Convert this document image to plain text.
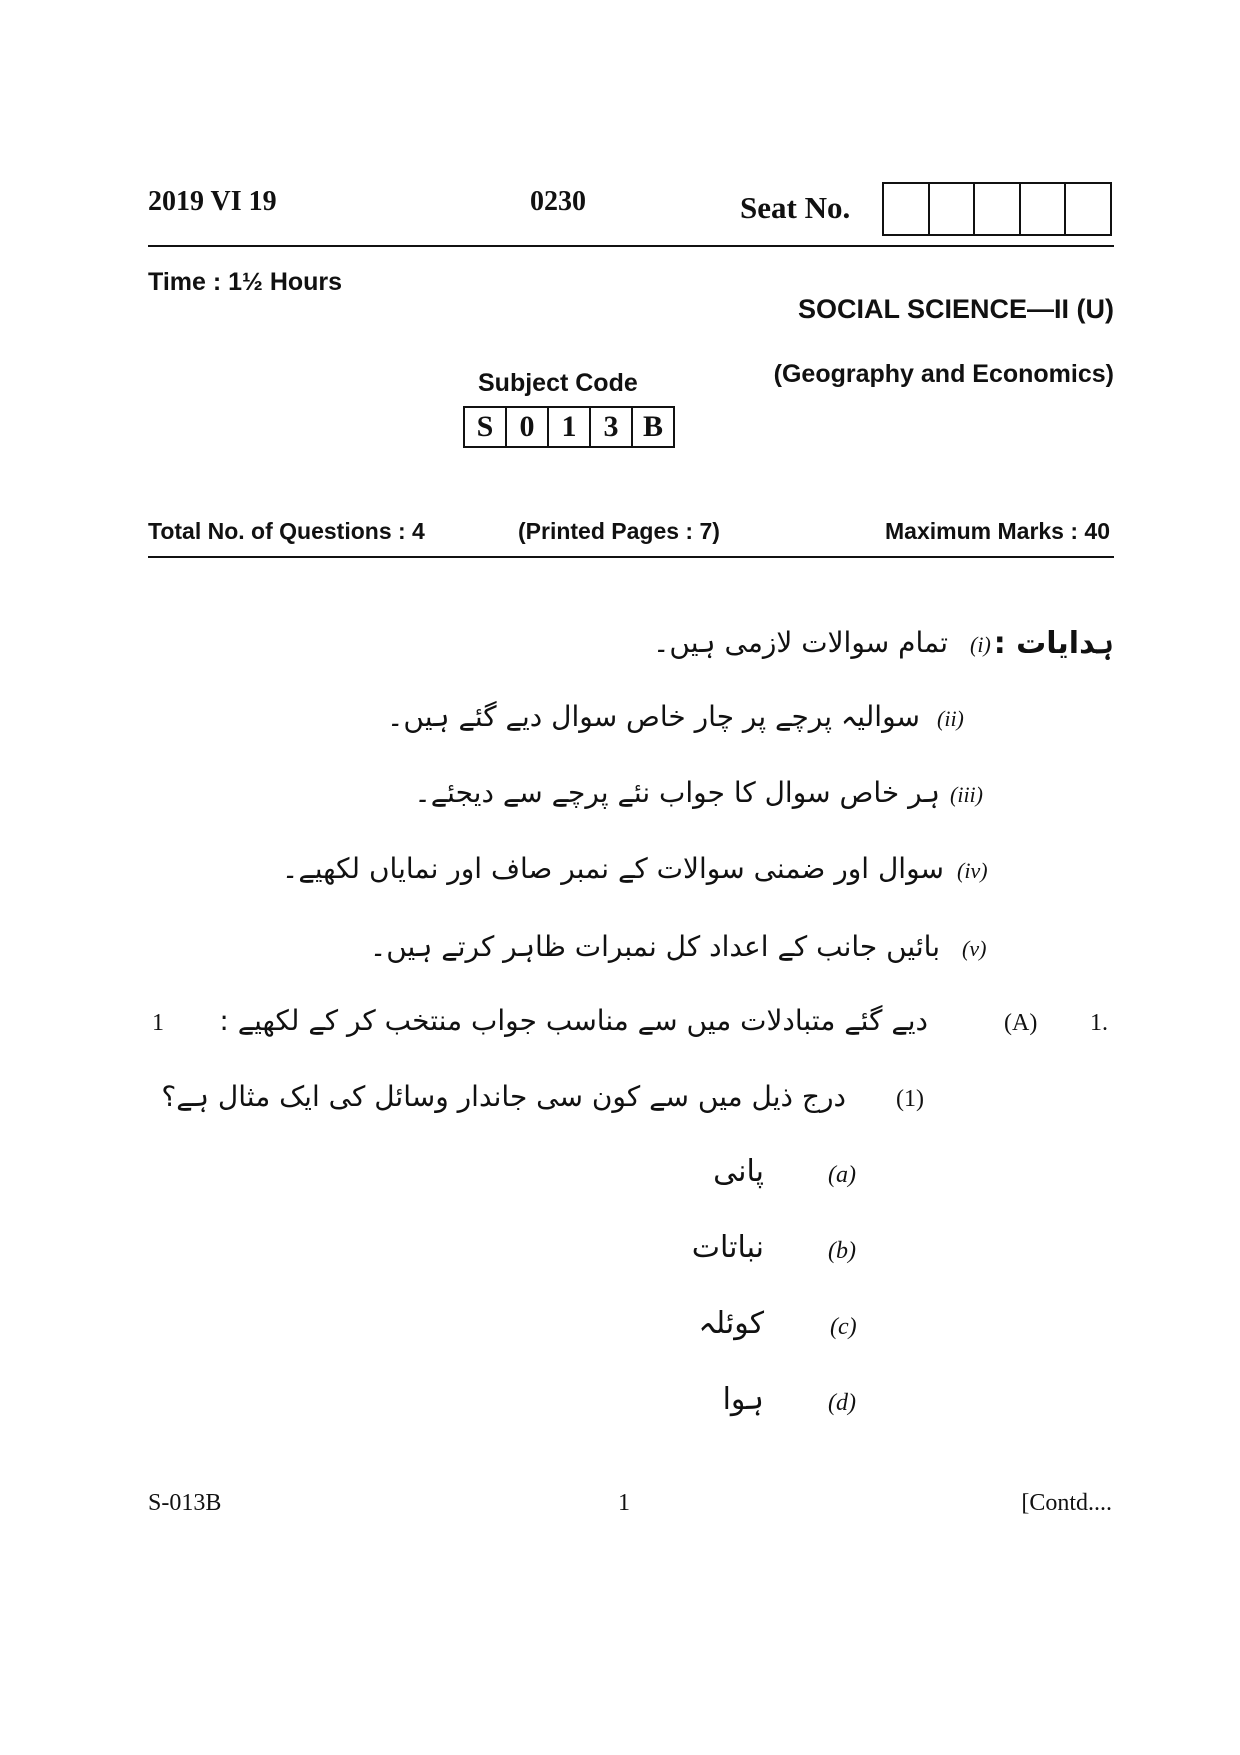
2019 VI 19	0230	Seat No.
Time : 1½ Hours
SOCIAL SCIENCE—II (U)
(Geography and Economics)
Subject Code
S 0 1 3 B
Total No. of Questions : 4	(Printed Pages : 7)	Maximum Marks : 40
ہدایات :
(i)
تمام سوالات لازمی ہیں۔
(ii)
سوالیہ پرچے پر چار خاص سوال دیے گئے ہیں۔
(iii)
ہر خاص سوال کا جواب نئے پرچے سے دیجئے۔
(iv)
سوال اور ضمنی سوالات کے نمبر صاف اور نمایاں لکھیے۔
(v)
بائیں جانب کے اعداد کل نمبرات ظاہر کرتے ہیں۔
1	1.
(A)
دیے گئے متبادلات میں سے مناسب جواب منتخب کر کے لکھیے :
(1)
درج ذیل میں سے کون سی جاندار وسائل کی ایک مثال ہے؟
(a)
پانی
(b)
نباتات
(c)
کوئلہ
(d)
ہوا
S-013B	1	[Contd....
